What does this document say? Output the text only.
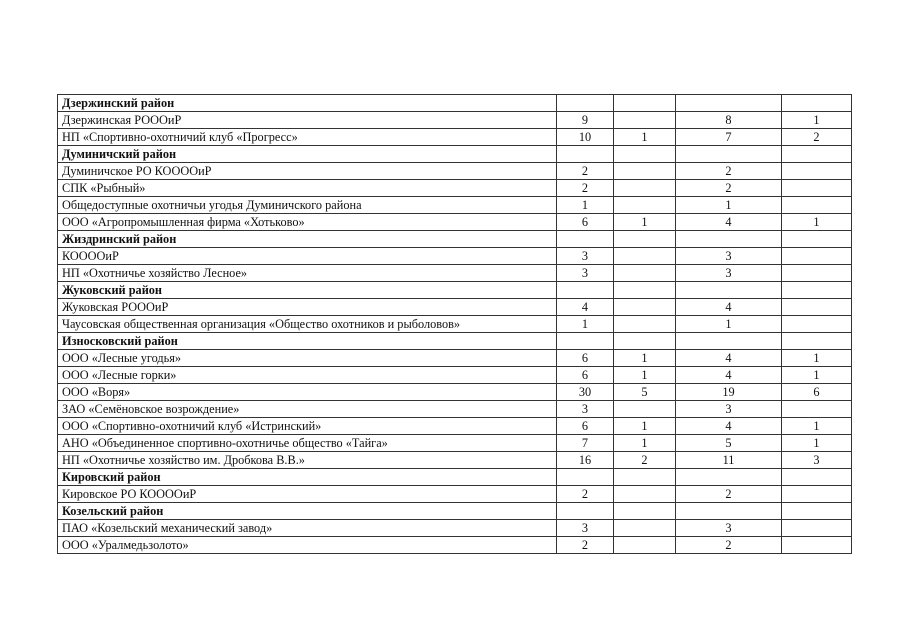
Дзержинский район				
Дзержинская РОООиР	9		8	1
НП «Спортивно-охотничий клуб «Прогресс»	10	1	7	2
Думиничский район				
Думиничское РО КООООиР	2		2	
СПК «Рыбный»	2		2	
Общедоступные охотничьи угодья Думиничского района	1		1	
ООО «Агропромышленная фирма «Хотьково»	6	1	4	1
Жиздринский район				
КООООиР	3		3	
НП «Охотничье хозяйство Лесное»	3		3	
Жуковский район				
Жуковская РОООиР	4		4	
Чаусовская общественная организация «Общество охотников и рыболовов»	1		1	
Износковский район				
ООО «Лесные угодья»	6	1	4	1
ООО «Лесные горки»	6	1	4	1
ООО «Воря»	30	5	19	6
ЗАО «Семёновское возрождение»	3		3	
ООО «Спортивно-охотничий клуб «Истринский»	6	1	4	1
АНО «Объединенное спортивно-охотничье общество «Тайга»	7	1	5	1
НП «Охотничье хозяйство им. Дробкова В.В.»	16	2	11	3
Кировский район				
Кировское РО КООООиР	2		2	
Козельский район				
ПАО «Козельский механический завод»	3		3	
ООО «Уралмедьзолото»	2		2	
